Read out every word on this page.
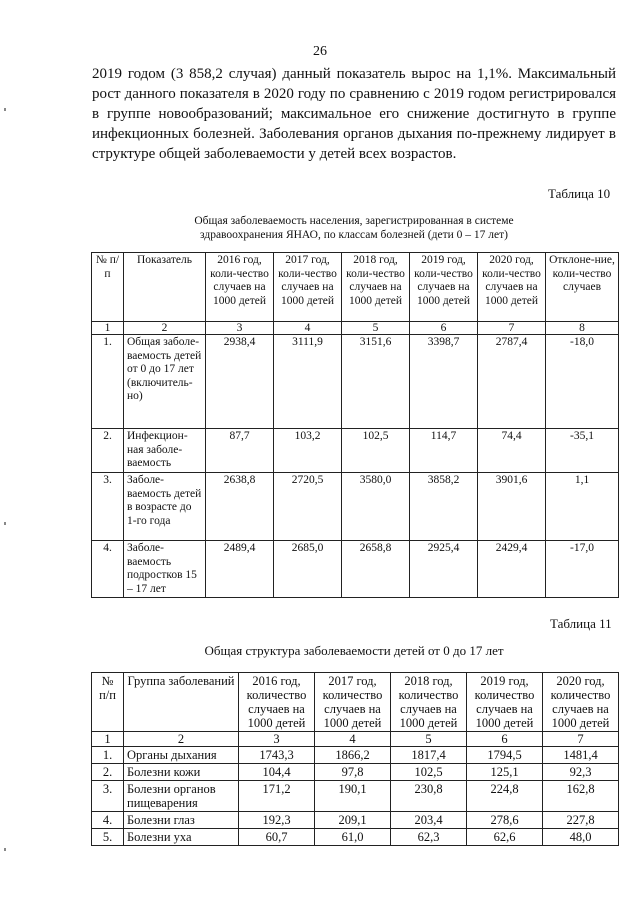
26

2019 годом (3 858,2 случая) данный показатель вырос на 1,1%. Максимальный рост данного показателя в 2020 году по сравнению с 2019 годом регистрировался в группе новообразований; максимальное его снижение достигнуто в группе инфекционных болезней. Заболевания органов дыхания по-прежнему лидирует в структуре общей заболеваемости у детей всех возрастов.

Таблица 10
Общая заболеваемость населения, зарегистрированная в системе
здравоохранения ЯНАО, по классам болезней (дети 0 – 17 лет)
№ п/п	Показатель	2016 год, коли-чество случаев на 1000 детей	2017 год, коли-чество случаев на 1000 детей	2018 год, коли-чество случаев на 1000 детей	2019 год, коли-чество случаев на 1000 детей	2020 год, коли-чество случаев на 1000 детей	Отклоне-ние, коли-чество случаев
1	2	3	4	5	6	7	8
1.	Общая заболе-ваемость детей от 0 до 17 лет (включитель-но)	2938,4	3111,9	3151,6	3398,7	2787,4	-18,0
2.	Инфекцион-ная заболе-ваемость	87,7	103,2	102,5	114,7	74,4	-35,1
3.	Заболе-ваемость детей в возрасте до 1-го года	2638,8	2720,5	3580,0	3858,2	3901,6	1,1
4.	Заболе-ваемость подростков 15 – 17 лет	2489,4	2685,0	2658,8	2925,4	2429,4	-17,0
Таблица 11
Общая структура заболеваемости детей от 0 до 17 лет
№ п/п	Группа заболеваний	2016 год, количество случаев на 1000 детей	2017 год, количество случаев на 1000 детей	2018 год, количество случаев на 1000 детей	2019 год, количество случаев на 1000 детей	2020 год, количество случаев на 1000 детей
1	2	3	4	5	6	7
1.	Органы дыхания	1743,3	1866,2	1817,4	1794,5	1481,4
2.	Болезни кожи	104,4	97,8	102,5	125,1	92,3
3.	Болезни органов пищеварения	171,2	190,1	230,8	224,8	162,8
4.	Болезни глаз	192,3	209,1	203,4	278,6	227,8
5.	Болезни уха	60,7	61,0	62,3	62,6	48,0
